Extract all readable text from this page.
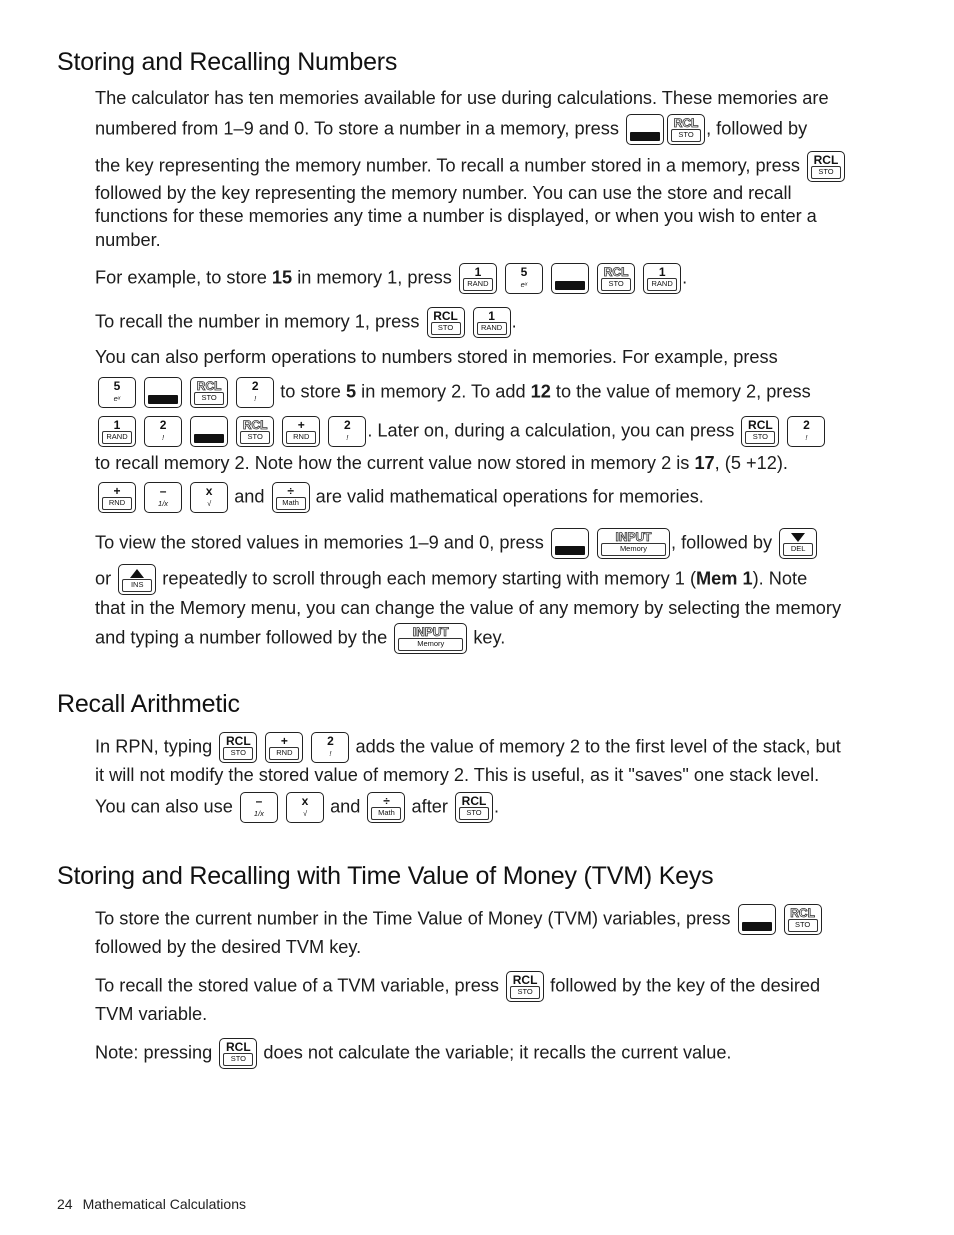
Storing and Recalling Numbers

The calculator has ten memories available for use during calculations. These memories are

numbered from 1–9 and 0. To store a number in a memory, press	RCL
STO , followed by

the key representing the memory number. To recall a number stored in a memory, press RCL
STO

followed by the key representing the memory number. You can use the store and recall

functions for these memories any time a number is displayed, or when you wish to enter a

number.

For example, to store 15 in memory 1, press	1
RAND

5
eˣ

RCL
STO

1
RAND .

To recall the number in memory 1, press RCL
STO

1
RAND .

You can also perform operations to numbers stored in memories. For example, press

5
eˣ

RCL
STO

2
!	to store 5 in memory 2. To add 12 to the value of memory 2, press

1
RAND

2
!

RCL
STO

+
RND

2
!	. Later on, during a calculation, you can press RCL
STO

2
!

to recall memory 2. Note how the current value now stored in memory 2 is 17, (5 +12).

+
RND

–
1/x

x
√	and	÷
Math are valid mathematical operations for memories.

To view the stored values in memories 1–9 and 0, press
	INPUT
Memory	, followed by	DEL

or	INS	repeatedly to scroll through each memory starting with memory 1 (Mem 1). Note

that in the Memory menu, you can change the value of any memory by selecting the memory

and typing a number followed by the	INPUT
Memory	key.

Recall Arithmetic

In RPN, typing RCL
STO

+
RND

2
!	adds the value of memory 2 to the first level of the stack, but

it will not modify the stored value of memory 2. This is useful, as it "saves" one stack level.

You can also use	–
1/x

x
√	and	÷
Math after RCL
STO .

Storing and Recalling with Time Value of Money (TVM) Keys

To store the current number in the Time Value of Money (TVM) variables, press
	RCL
STO

followed by the desired TVM key.

To recall the stored value of a TVM variable, press RCL
STO followed by the key of the desired

TVM variable.

Note: pressing RCL
STO does not calculate the variable; it recalls the current value.

24 Mathematical Calculations
